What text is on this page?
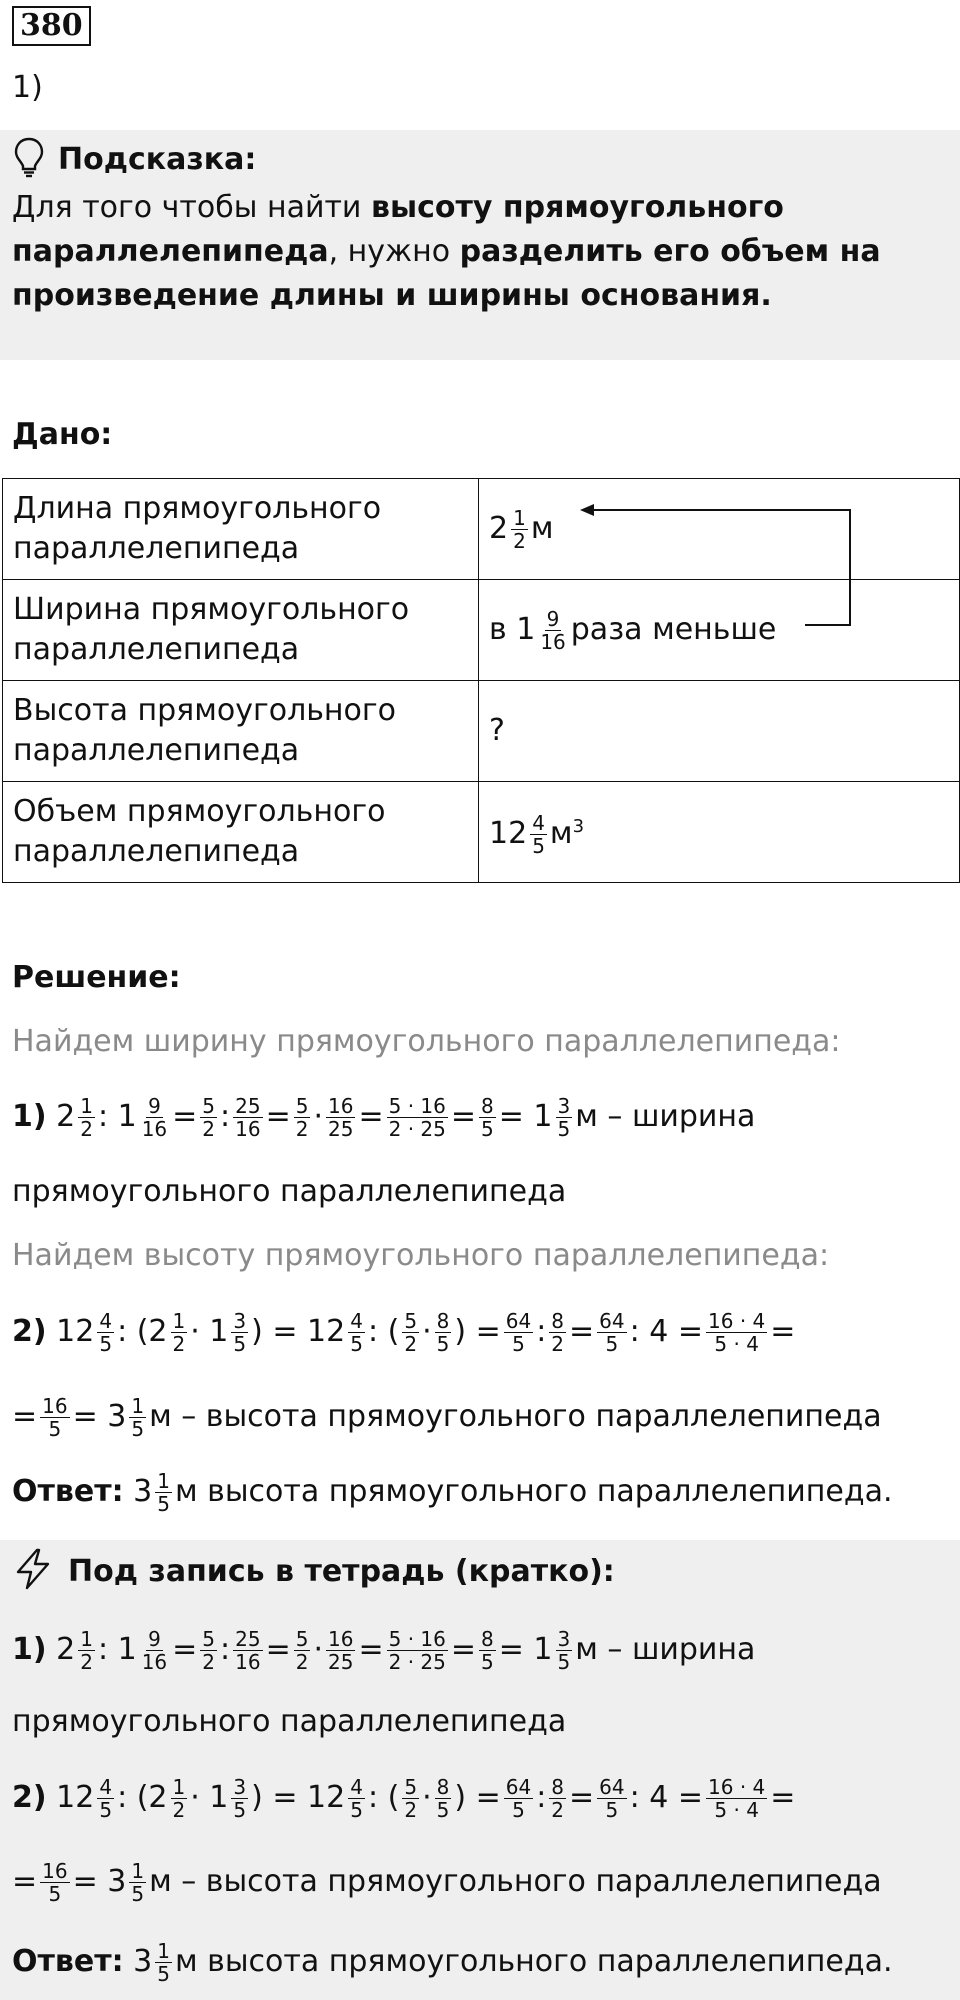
380
1)
Подсказка:
Для того чтобы найти высоту прямоугольного
параллелепипеда, нужно разделить его объем на
произведение длины и ширины основания.
Дано:
Длина прямоугольного
параллелепипеда	$2 \frac{1}{2}$ м
Ширина прямоугольного
параллелепипеда	в $1 \frac{9}{16}$ раза меньше
Высота прямоугольного
параллелепипеда	?
Объем прямоугольного
параллелепипеда	$12 \frac{4}{5} м^3$
Решение:
Найдем ширину прямоугольного параллелепипеда:
1) $2 \frac{1}{2}$ : $1 \frac{9}{16} = \frac{5}{2}$ : $\frac{25}{16} = \frac{5}{2} \cdot \frac{16}{25} = \frac{5 \cdot 16}{2 \cdot 25} = \frac{8}{5} = 1 \frac{3}{5}$ м – ширина
прямоугольного параллелепипеда
Найдем высоту прямоугольного параллелепипеда:
2) $12 \frac{4}{5}$ : ($2 \frac{1}{2} \cdot 1 \frac{3}{5}$ ) = $12 \frac{4}{5}$ : ( $\frac{5}{2} \cdot \frac{8}{5}$ ) = $\frac{64}{5}$ : $\frac{8}{2} = \frac{64}{5}$ : $4 = \frac{16 \cdot 4}{5 \cdot 4}$ =
= $\frac{16}{5} = 3 \frac{1}{5}$ м – высота прямоугольного параллелепипеда
Ответ: $3 \frac{1}{5}$ м высота прямоугольного параллелепипеда.
Под запись в тетрадь (кратко):
1) $2 \frac{1}{2}$ : $1 \frac{9}{16} = \frac{5}{2}$ : $\frac{25}{16} = \frac{5}{2} \cdot \frac{16}{25} = \frac{5 \cdot 16}{2 \cdot 25} = \frac{8}{5} = 1 \frac{3}{5}$ м – ширина
прямоугольного параллелепипеда
2) $12 \frac{4}{5}$ : ($2 \frac{1}{2} \cdot 1 \frac{3}{5}$ ) = $12 \frac{4}{5}$ : ( $\frac{5}{2} \cdot \frac{8}{5}$ ) = $\frac{64}{5}$ : $\frac{8}{2} = \frac{64}{5}$ : $4 = \frac{16 \cdot 4}{5 \cdot 4}$ =
= $\frac{16}{5} = 3 \frac{1}{5}$ м – высота прямоугольного параллелепипеда
Ответ: $3 \frac{1}{5}$ м высота прямоугольного параллелепипеда.
